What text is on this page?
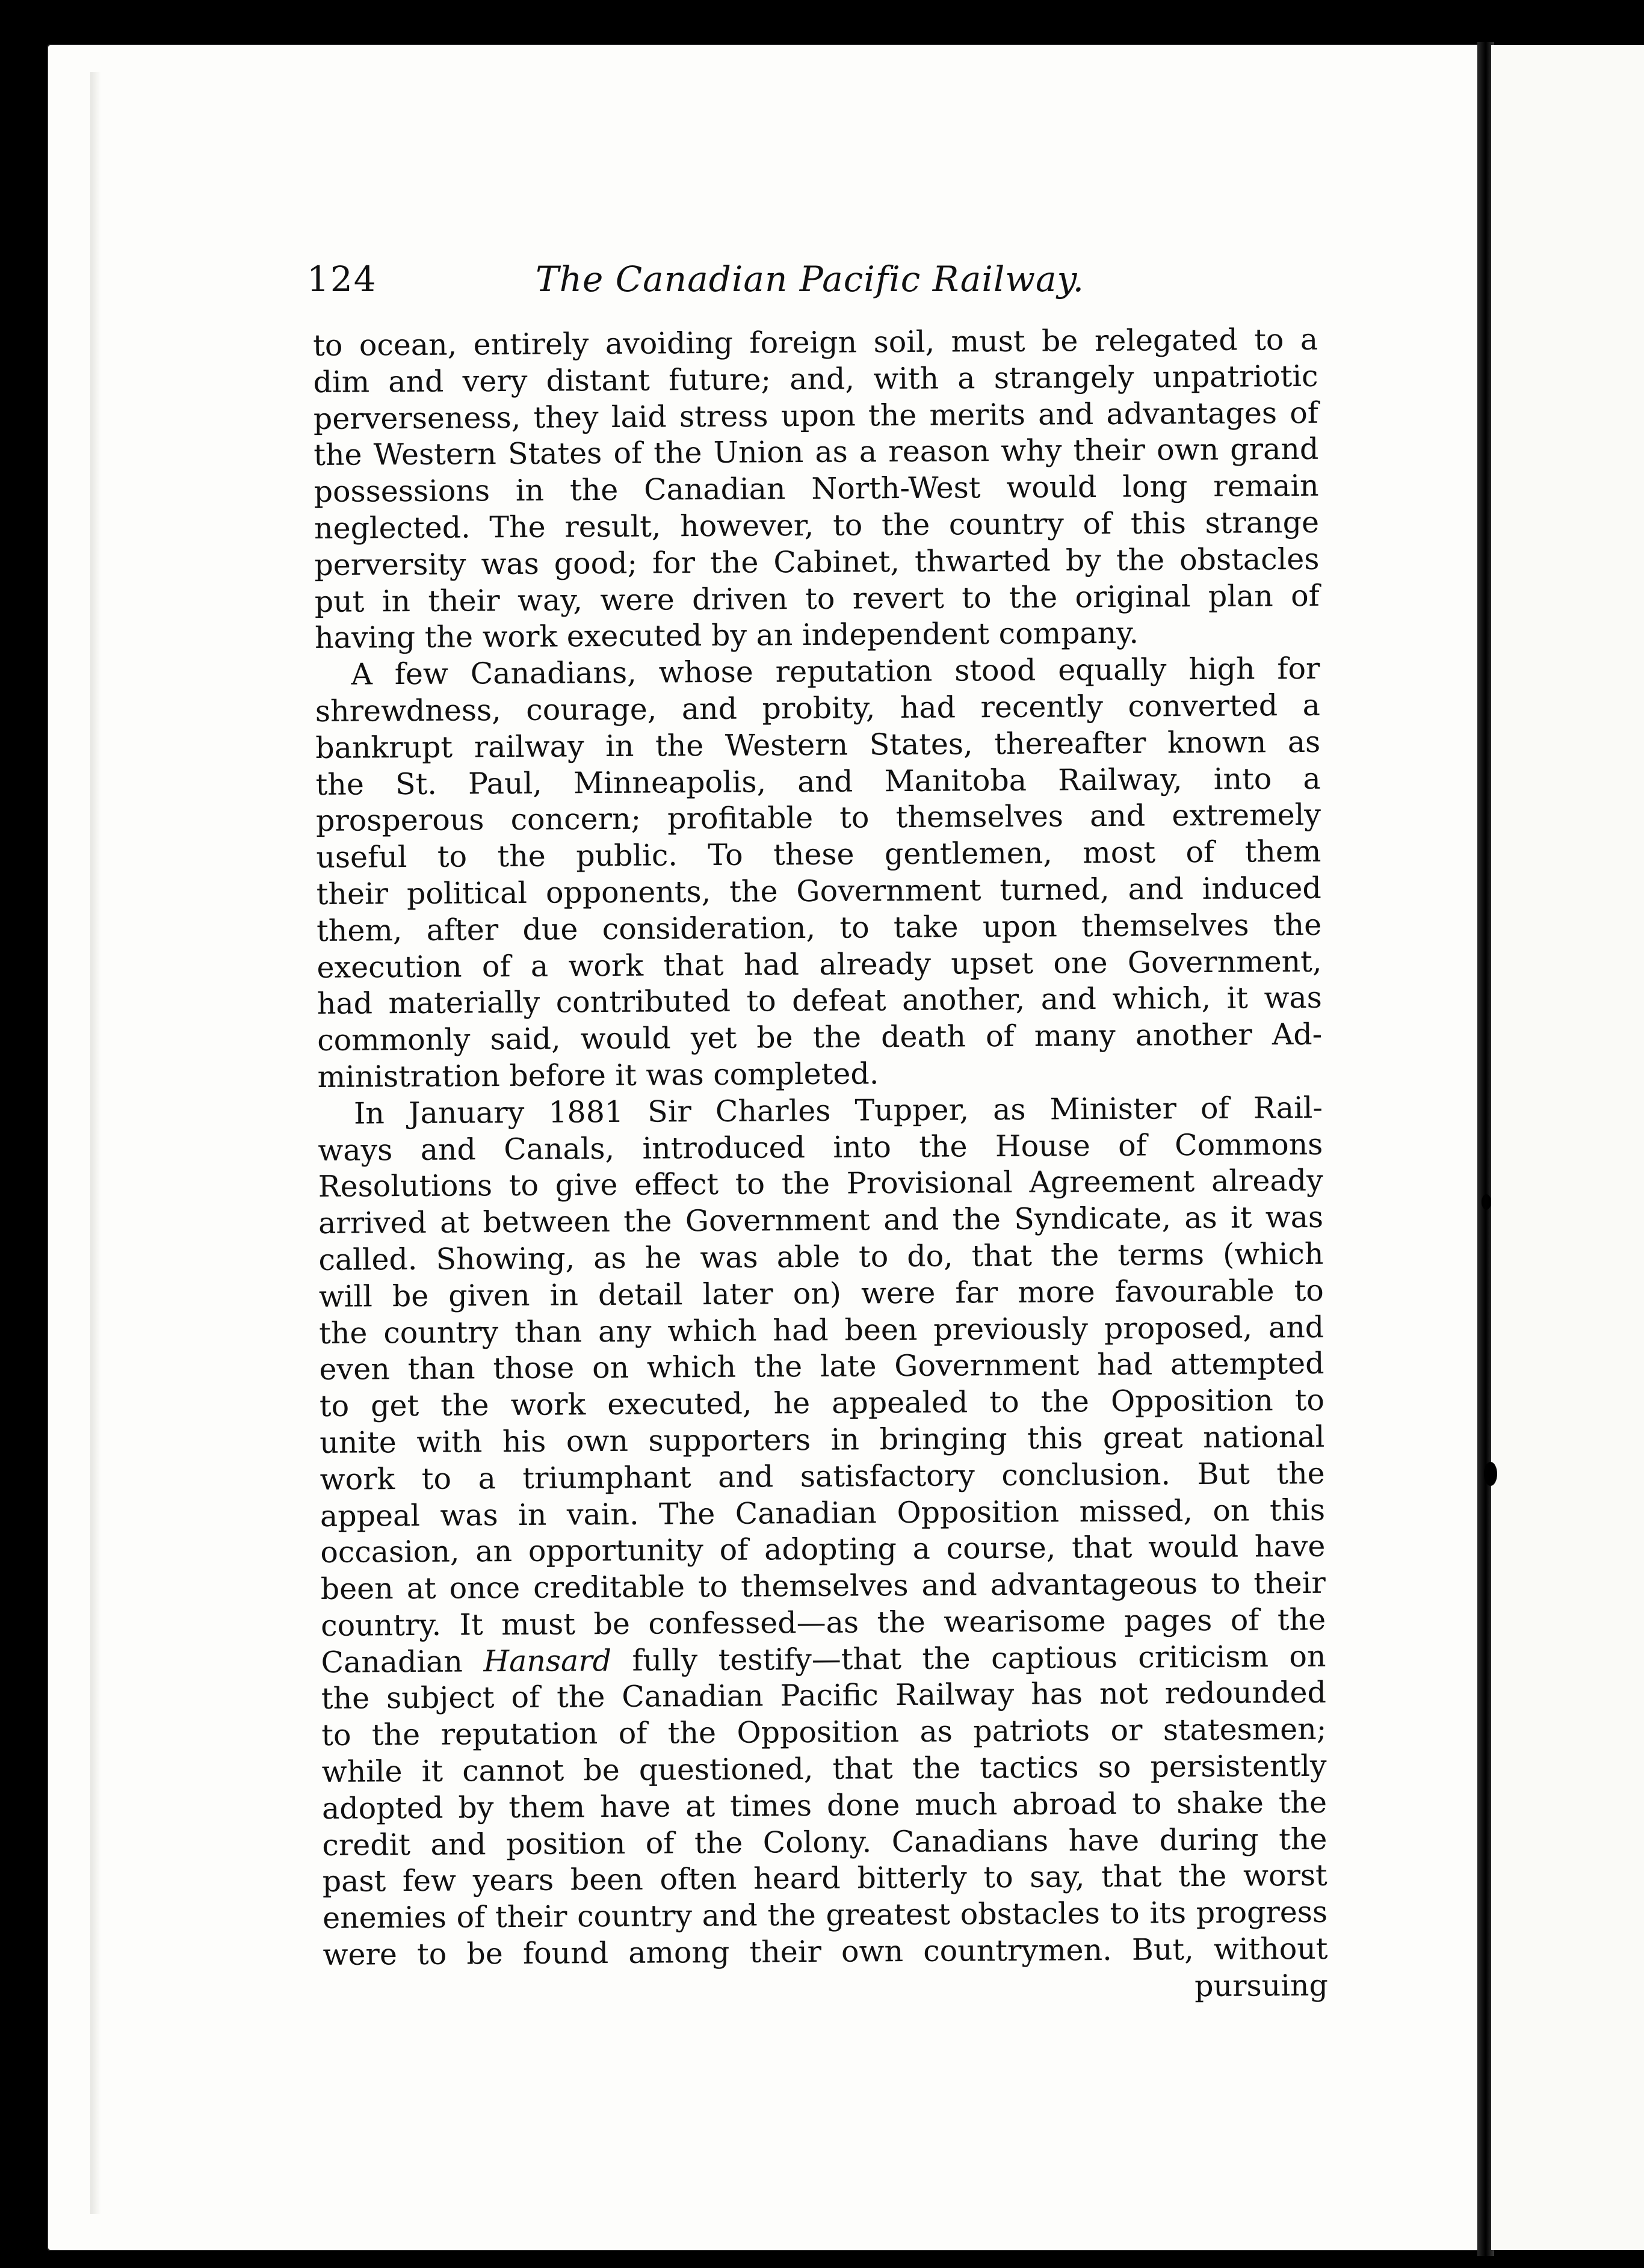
124	The Canadian Pacific Railway.
to ocean, entirely avoiding foreign soil, must be relegated to a
dim and very distant future; and, with a strangely unpatriotic
perverseness, they laid stress upon the merits and advantages of
the Western States of the Union as a reason why their own grand
possessions in the Canadian North-West would long remain
neglected. The result, however, to the country of this strange
perversity was good; for the Cabinet, thwarted by the obstacles
put in their way, were driven to revert to the original plan of
having the work executed by an independent company.
A few Canadians, whose reputation stood equally high for
shrewdness, courage, and probity, had recently converted a
bankrupt railway in the Western States, thereafter known as
the St. Paul, Minneapolis, and Manitoba Railway, into a
prosperous concern; profitable to themselves and extremely
useful to the public. To these gentlemen, most of them
their political opponents, the Government turned, and induced
them, after due consideration, to take upon themselves the
execution of a work that had already upset one Government,
had materially contributed to defeat another, and which, it was
commonly said, would yet be the death of many another Ad-
ministration before it was completed.
In January 1881 Sir Charles Tupper, as Minister of Rail-
ways and Canals, introduced into the House of Commons
Resolutions to give effect to the Provisional Agreement already
arrived at between the Government and the Syndicate, as it was
called. Showing, as he was able to do, that the terms (which
will be given in detail later on) were far more favourable to
the country than any which had been previously proposed, and
even than those on which the late Government had attempted
to get the work executed, he appealed to the Opposition to
unite with his own supporters in bringing this great national
work to a triumphant and satisfactory conclusion. But the
appeal was in vain. The Canadian Opposition missed, on this
occasion, an opportunity of adopting a course, that would have
been at once creditable to themselves and advantageous to their
country. It must be confessed—as the wearisome pages of the
Canadian Hansard fully testify—that the captious criticism on
the subject of the Canadian Pacific Railway has not redounded
to the reputation of the Opposition as patriots or statesmen;
while it cannot be questioned, that the tactics so persistently
adopted by them have at times done much abroad to shake the
credit and position of the Colony. Canadians have during the
past few years been often heard bitterly to say, that the worst
enemies of their country and the greatest obstacles to its progress
were to be found among their own countrymen. But, without
pursuing
